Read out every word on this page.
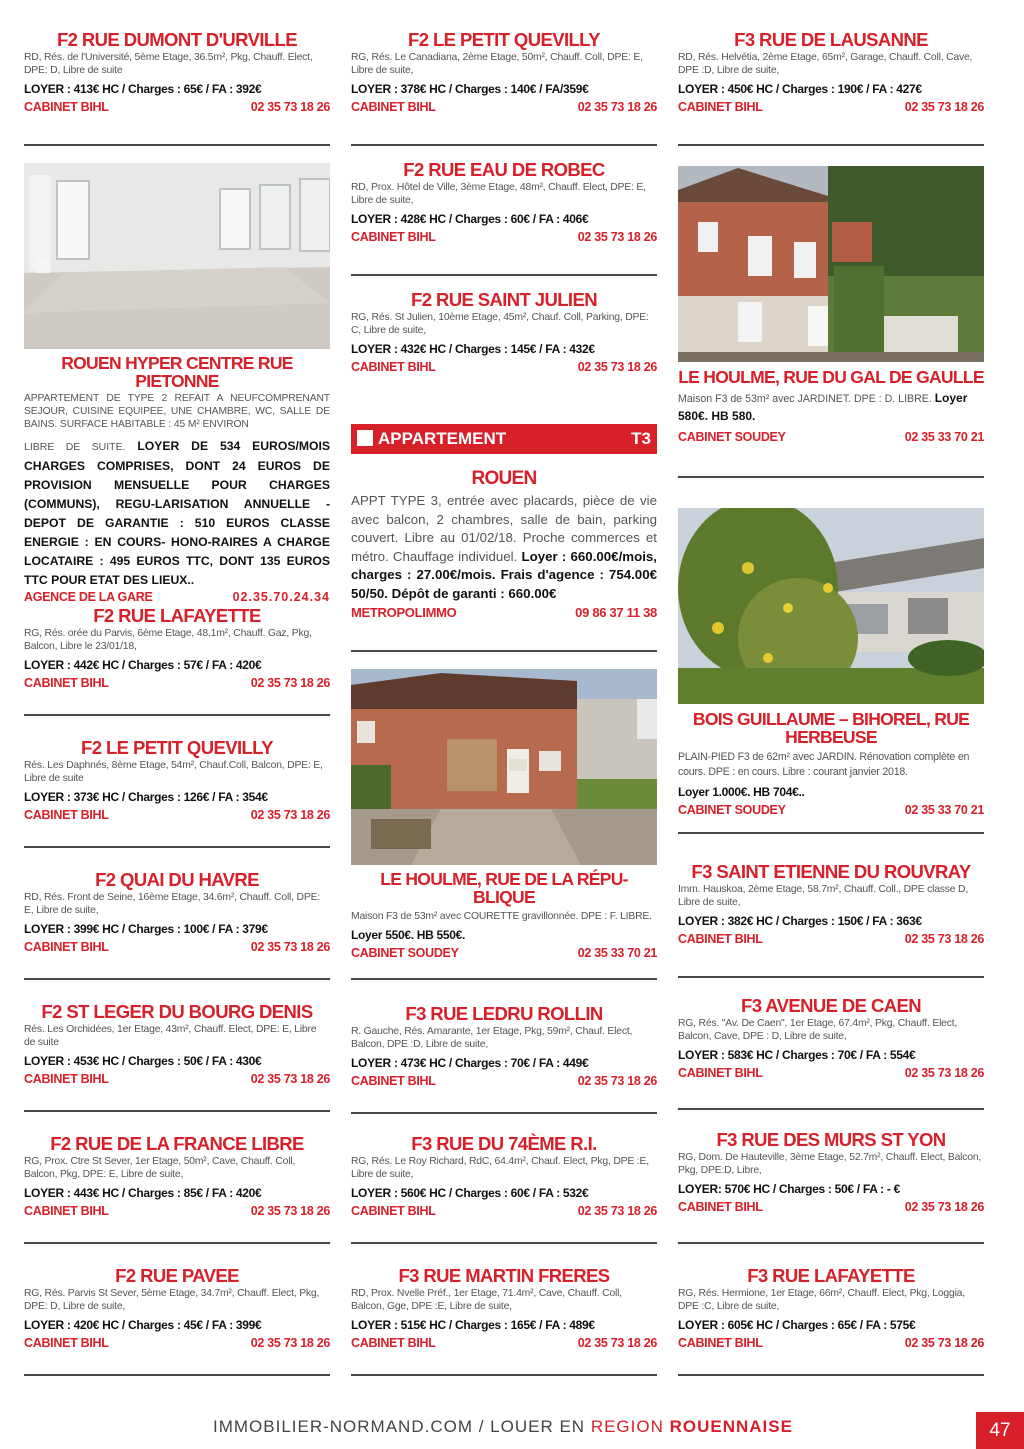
F2 RUE DUMONT D'URVILLE
RD, Rés. de l'Université, 5ème Etage, 36.5m², Pkg, Chauff. Elect, DPE: D, Libre de suite
LOYER : 413€ HC / Charges : 65€ / FA : 392€
CABINET BIHL	02 35 73 18 26
ROUEN HYPER CENTRE RUE PIETONNE
APPARTEMENT DE TYPE 2 REFAIT A NEUFCOMPRENANT SEJOUR, CUISINE EQUIPEE, UNE CHAMBRE, WC, SALLE DE BAINS. SURFACE HABITABLE : 45 M² ENVIRON
LIBRE DE SUITE. LOYER DE 534 EUROS/MOIS CHARGES COMPRISES, DONT 24 EUROS DE PROVISION MENSUELLE POUR CHARGES (COMMUNS), REGU-LARISATION ANNUELLE - DEPOT DE GARANTIE : 510 EUROS CLASSE ENERGIE : EN COURS- HONO-RAIRES A CHARGE LOCATAIRE : 495 EUROS TTC, DONT 135 EUROS TTC POUR ETAT DES LIEUX..
AGENCE DE LA GARE	02.35.70.24.34
F2 RUE LAFAYETTE
RG, Rés. orée du Parvis, 6ème Etage, 48.1m², Chauff. Gaz, Pkg, Balcon, Libre le 23/01/18,
LOYER : 442€ HC / Charges : 57€ / FA : 420€
CABINET BIHL	02 35 73 18 26
F2 LE PETIT QUEVILLY
Rés. Les Daphnés, 8ème Etage, 54m², Chauf.Coll, Balcon, DPE: E, Libre de suite
LOYER : 373€ HC / Charges : 126€ / FA : 354€
CABINET BIHL	02 35 73 18 26
F2 QUAI DU HAVRE
RD, Rés. Front de Seine, 16ème Etage, 34.6m², Chauff. Coll, DPE: E, Libre de suite,
LOYER : 399€ HC / Charges : 100€ / FA : 379€
CABINET BIHL	02 35 73 18 26
F2 ST LEGER DU BOURG DENIS
Rés. Les Orchidées, 1er Etage, 43m², Chauff. Elect, DPE: E, Libre de suite
LOYER : 453€ HC / Charges : 50€ / FA : 430€
CABINET BIHL	02 35 73 18 26
F2 RUE DE LA FRANCE LIBRE
RG, Prox. Ctre St Sever, 1er Etage, 50m², Cave, Chauff. Coll, Balcon, Pkg, DPE: E, Libre de suite,
LOYER : 443€ HC / Charges : 85€ / FA : 420€
CABINET BIHL	02 35 73 18 26
F2 RUE PAVEE
RG, Rés. Parvis St Sever, 5ème Etage, 34.7m², Chauff. Elect, Pkg, DPE: D, Libre de suite,
LOYER : 420€ HC / Charges : 45€ / FA : 399€
CABINET BIHL	02 35 73 18 26
F2 LE PETIT QUEVILLY
RG, Rés. Le Canadiana, 2ème Etage, 50m², Chauff. Coll, DPE: E, Libre de suite,
LOYER : 378€ HC / Charges : 140€ / FA/359€
CABINET BIHL	02 35 73 18 26
F2 RUE EAU DE ROBEC
RD, Prox. Hôtel de Ville, 3ème Etage, 48m², Chauff. Elect, DPE: E, Libre de suite,
LOYER : 428€ HC / Charges : 60€ / FA : 406€
CABINET BIHL	02 35 73 18 26
F2 RUE SAINT JULIEN
RG, Rés. St Julien, 10ème Etage, 45m², Chauf. Coll, Parking, DPE: C, Libre de suite,
LOYER : 432€ HC / Charges : 145€ / FA : 432€
CABINET BIHL	02 35 73 18 26
APPARTEMENT	T3
ROUEN
APPT TYPE 3, entrée avec placards, pièce de vie avec balcon, 2 chambres, salle de bain, parking couvert. Libre au 01/02/18. Proche commerces et métro. Chauffage individuel. Loyer : 660.00€/mois, charges : 27.00€/mois. Frais d'agence : 754.00€ 50/50. Dépôt de garanti : 660.00€
METROPOLIMMO	09 86 37 11 38
LE HOULME, RUE DE LA RÉPU-BLIQUE
Maison F3 de 53m² avec COURETTE gravillonnée. DPE : F. LIBRE.
Loyer 550€. HB 550€.
CABINET SOUDEY	02 35 33 70 21
F3 RUE LEDRU ROLLIN
R. Gauche, Rés. Amarante, 1er Etage, Pkg, 59m², Chauf. Elect, Balcon, DPE :D, Libre de suite,
LOYER : 473€ HC / Charges : 70€ / FA : 449€
CABINET BIHL	02 35 73 18 26
F3 RUE DU 74ÈME R.I.
RG, Rés. Le Roy Richard, RdC, 64.4m², Chauf. Elect, Pkg, DPE :E, Libre de suite,
LOYER : 560€ HC / Charges : 60€ / FA : 532€
CABINET BIHL	02 35 73 18 26
F3 RUE MARTIN FRERES
RD, Prox. Nvelle Préf., 1er Etage, 71.4m², Cave, Chauff. Coll, Balcon, Gge, DPE :E, Libre de suite,
LOYER : 515€ HC / Charges : 165€ / FA : 489€
CABINET BIHL	02 35 73 18 26
F3 RUE DE LAUSANNE
RD, Rés. Helvétia, 2ème Etage, 65m², Garage, Chauff. Coll, Cave, DPE :D, Libre de suite,
LOYER : 450€ HC / Charges : 190€ / FA : 427€
CABINET BIHL	02 35 73 18 26
LE HOULME, RUE DU GAL DE GAULLE
Maison F3 de 53m² avec JARDINET. DPE : D. LIBRE. Loyer 580€. HB 580.
CABINET SOUDEY	02 35 33 70 21
BOIS GUILLAUME – BIHOREL, RUE HERBEUSE
PLAIN-PIED F3 de 62m² avec JARDIN. Rénovation complète en cours. DPE : en cours. Libre : courant janvier 2018.
Loyer 1.000€. HB 704€..
CABINET SOUDEY	02 35 33 70 21
F3 SAINT ETIENNE DU ROUVRAY
Imm. Hauskoa, 2ème Etage, 58.7m², Chauff. Coll., DPE classe D, Libre de suite,
LOYER : 382€ HC / Charges : 150€ / FA : 363€
CABINET BIHL	02 35 73 18 26
F3 AVENUE DE CAEN
RG, Rés. "Av. De Caen", 1er Etage, 67.4m², Pkg, Chauff. Elect, Balcon, Cave, DPE : D, Libre de suite,
LOYER : 583€ HC / Charges : 70€ / FA : 554€
CABINET BIHL	02 35 73 18 26
F3 RUE DES MURS ST YON
RG, Dom. De Hauteville, 3ème Etage, 52.7m², Chauff. Elect, Balcon, Pkg, DPE:D, Libre,
LOYER: 570€ HC / Charges : 50€ / FA : - €
CABINET BIHL	02 35 73 18 26
F3 RUE LAFAYETTE
RG, Rés. Hermione, 1er Etage, 66m², Chauff. Elect, Pkg, Loggia, DPE :C, Libre de suite,
LOYER : 605€ HC / Charges : 65€ / FA : 575€
CABINET BIHL	02 35 73 18 26
IMMOBILIER-NORMAND.COM / LOUER EN REGION ROUENNAISE	47
